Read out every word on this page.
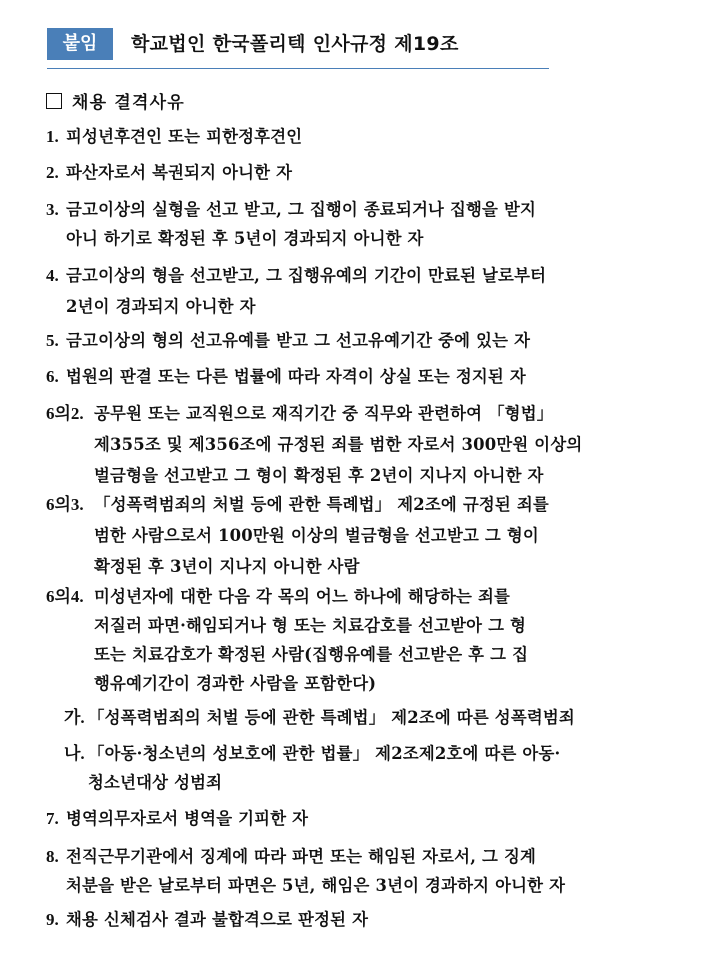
붙임	학교법인 한국폴리텍 인사규정 제19조
채용 결격사유
1. 피성년후견인 또는 피한정후견인
2. 파산자로서 복권되지 아니한 자
3. 금고이상의 실형을 선고 받고, 그 집행이 종료되거나 집행을 받지
아니 하기로 확정된 후 5년이 경과되지 아니한 자
4. 금고이상의 형을 선고받고, 그 집행유예의 기간이 만료된 날로부터
2년이 경과되지 아니한 자
5. 금고이상의 형의 선고유예를 받고 그 선고유예기간 중에 있는 자
6. 법원의 판결 또는 다른 법률에 따라 자격이 상실 또는 정지된 자
6의2. 공무원 또는 교직원으로 재직기간 중 직무와 관련하여 「형법」
제355조 및 제356조에 규정된 죄를 범한 자로서 300만원 이상의
벌금형을 선고받고 그 형이 확정된 후 2년이 지나지 아니한 자
6의3. 「성폭력범죄의 처벌 등에 관한 특례법」 제2조에 규정된 죄를
범한 사람으로서 100만원 이상의 벌금형을 선고받고 그 형이
확정된 후 3년이 지나지 아니한 사람
6의4. 미성년자에 대한 다음 각 목의 어느 하나에 해당하는 죄를
저질러 파면·해임되거나 형 또는 치료감호를 선고받아 그 형
또는 치료감호가 확정된 사람(집행유예를 선고받은 후 그 집
행유예기간이 경과한 사람을 포함한다)
가. 「성폭력범죄의 처벌 등에 관한 특례법」 제2조에 따른 성폭력범죄
나. 「아동·청소년의 성보호에 관한 법률」 제2조제2호에 따른 아동·
청소년대상 성범죄
7. 병역의무자로서 병역을 기피한 자
8. 전직근무기관에서 징계에 따라 파면 또는 해임된 자로서, 그 징계
처분을 받은 날로부터 파면은 5년, 해임은 3년이 경과하지 아니한 자
9. 채용 신체검사 결과 불합격으로 판정된 자
